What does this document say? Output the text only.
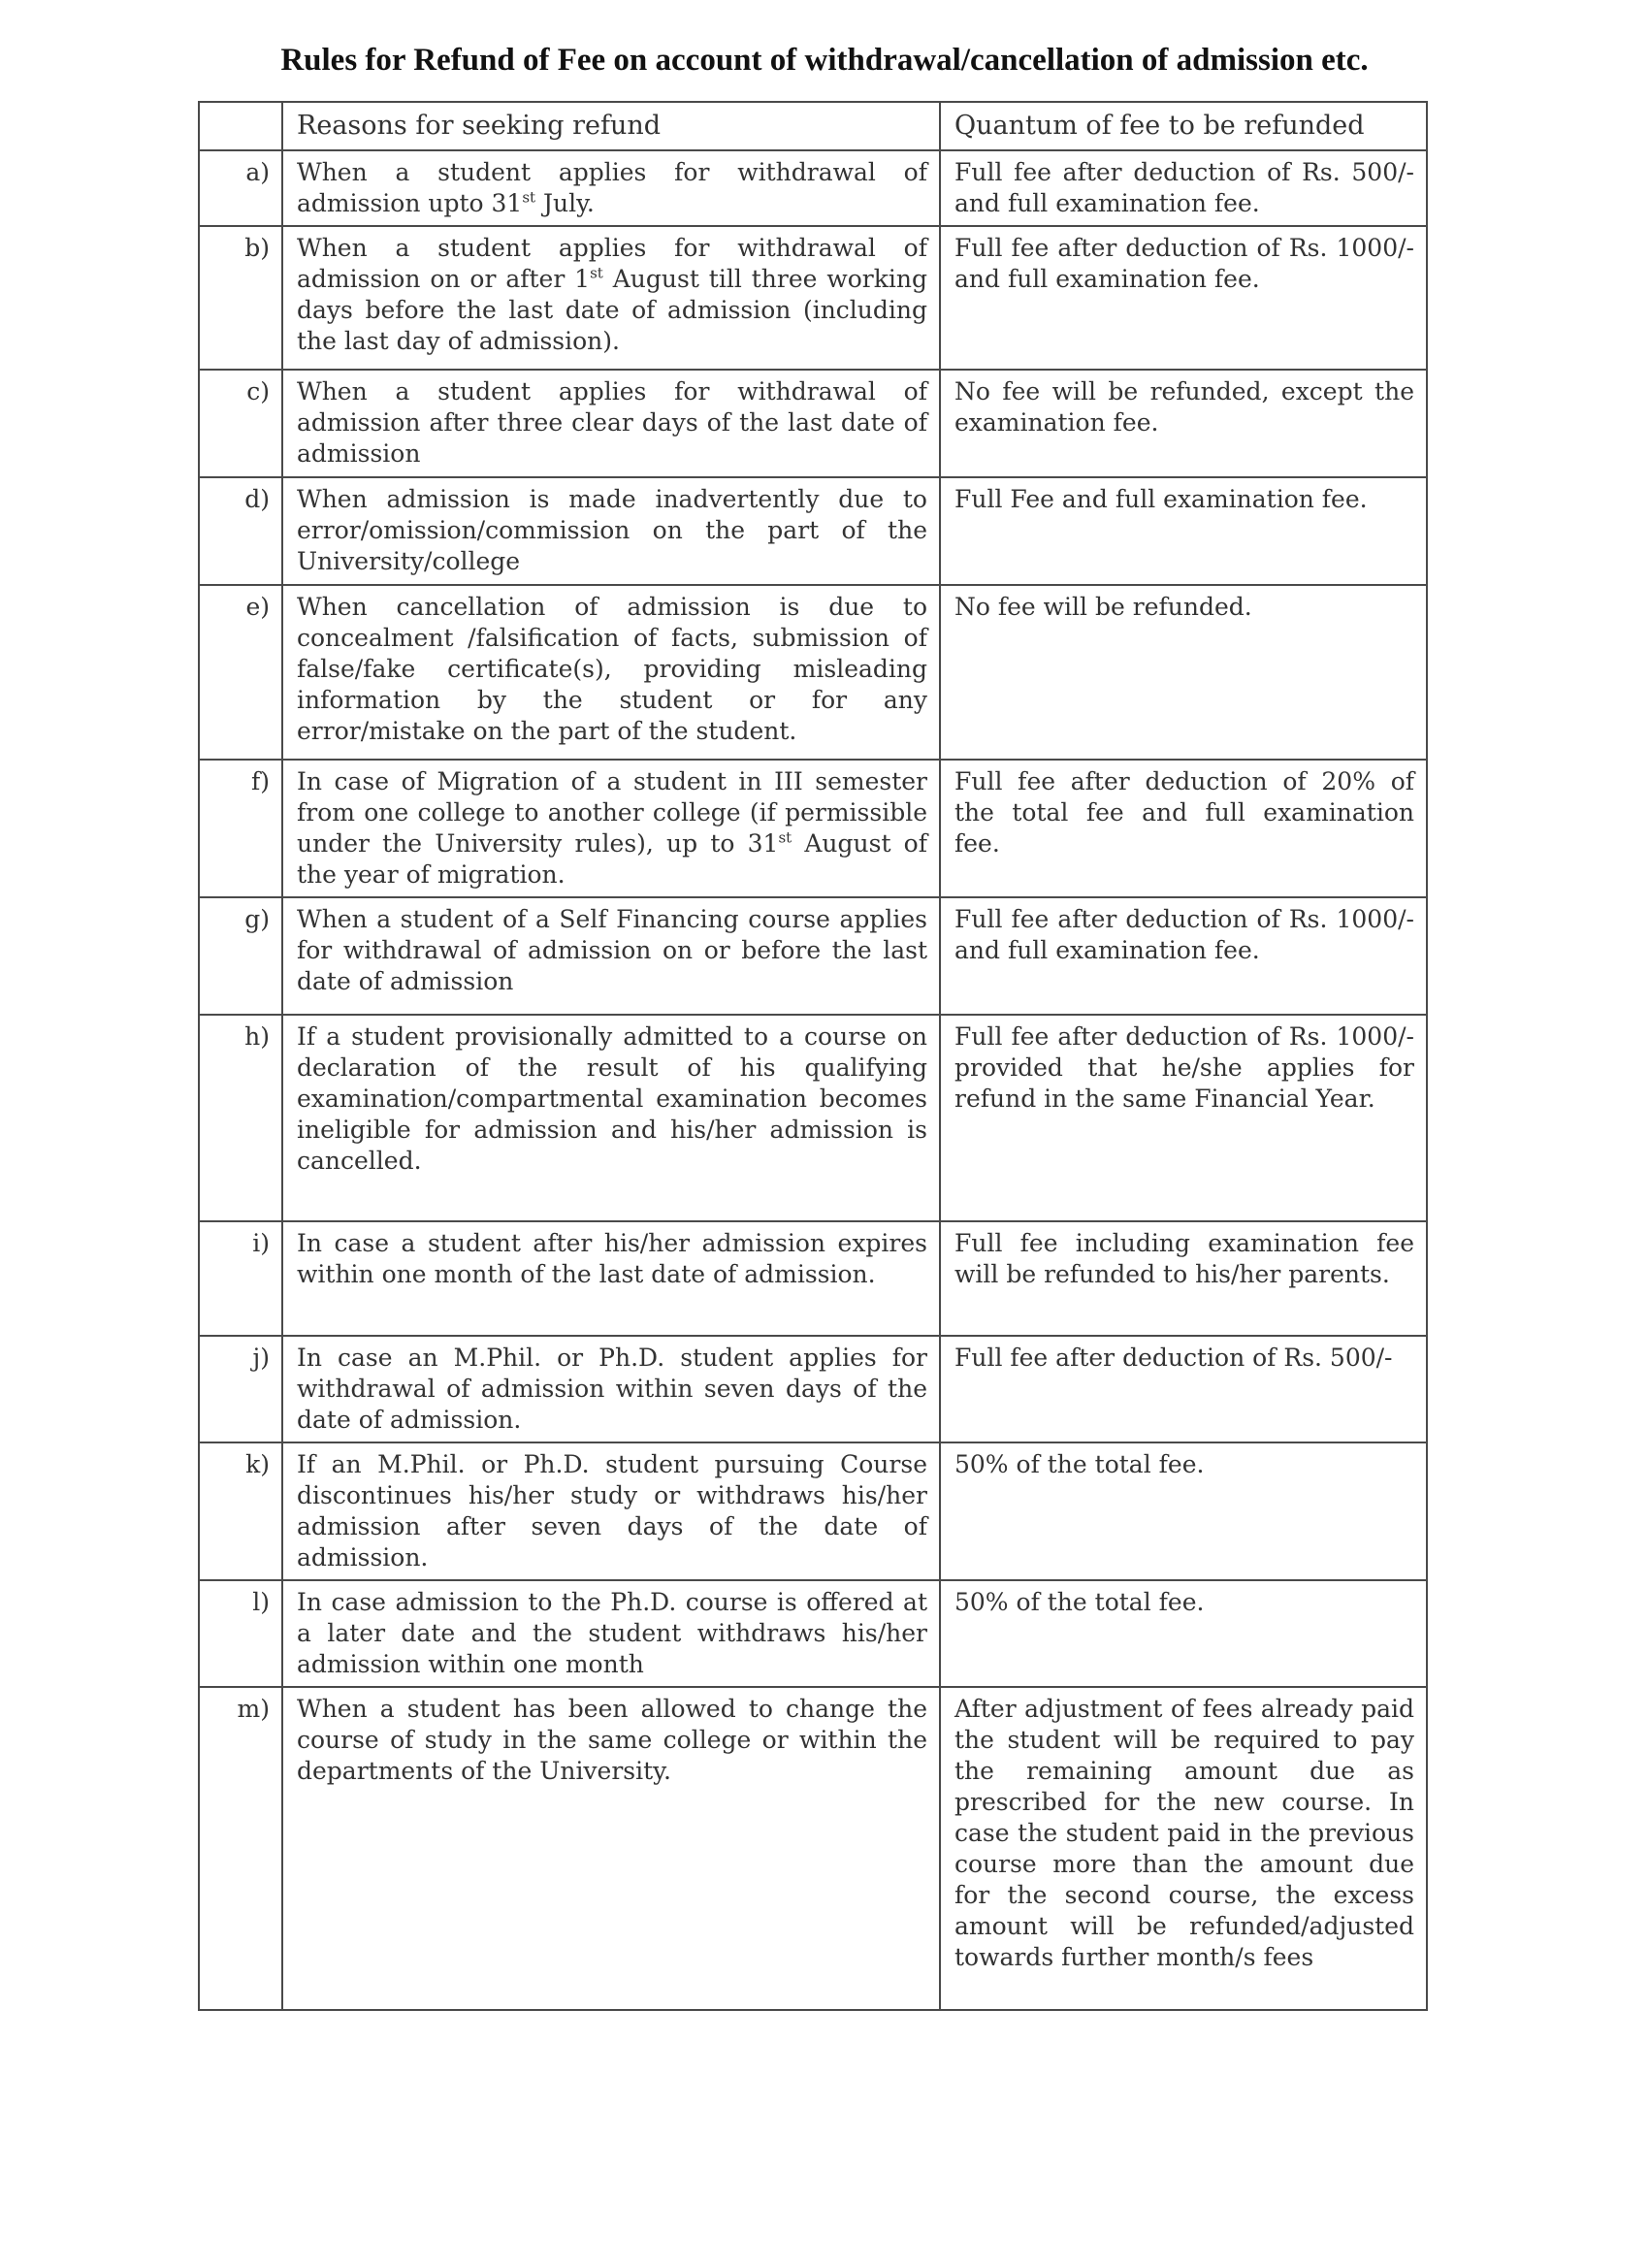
Rules for Refund of Fee on account of withdrawal/cancellation of admission etc.
	Reasons for seeking refund	Quantum of fee to be refunded
a)	When a student applies for withdrawal of admission upto 31st July.	Full fee after deduction of Rs. 500/-and full examination fee.
b)	When a student applies for withdrawal of admission on or after 1st August till three working days before the last date of admission (including the last day of admission).	Full fee after deduction of Rs. 1000/- and full examination fee.
c)	When a student applies for withdrawal of admission after three clear days of the last date of admission	No fee will be refunded, except the examination fee.
d)	When admission is made inadvertently due to error/omission/commission on the part of the University/college	Full Fee and full examination fee.
e)	When cancellation of admission is due to concealment /falsification of facts, submission of false/fake certificate(s), providing misleading information by the student or for any error/mistake on the part of the student.	No fee will be refunded.
f)	In case of Migration of a student in III semester from one college to another college (if permissible under the University rules), up to 31st August of the year of migration.	Full fee after deduction of 20% of the total fee and full examination fee.
g)	When a student of a Self Financing course applies for withdrawal of admission on or before the last date of admission	Full fee after deduction of Rs. 1000/- and full examination fee.
h)	If a student provisionally admitted to a course on declaration of the result of his qualifying examination/compartmental examination becomes ineligible for admission and his/her admission is cancelled.	Full fee after deduction of Rs. 1000/- provided that he/she applies for refund in the same Financial Year.
i)	In case a student after his/her admission expires within one month of the last date of admission.	Full fee including examination fee will be refunded to his/her parents.
j)	In case an M.Phil. or Ph.D. student applies for withdrawal of admission within seven days of the date of admission.	Full fee after deduction of Rs. 500/-
k)	If an M.Phil. or Ph.D. student pursuing Course discontinues his/her study or withdraws his/her admission after seven days of the date of admission.	50% of the total fee.
l)	In case admission to the Ph.D. course is offered at a later date and the student withdraws his/her admission within one month	50% of the total fee.
m)	When a student has been allowed to change the course of study in the same college or within the departments of the University.	After adjustment of fees already paid the student will be required to pay the remaining amount due as prescribed for the new course. In case the student paid in the previous course more than the amount due for the second course, the excess amount will be refunded/adjusted towards further month/s fees
